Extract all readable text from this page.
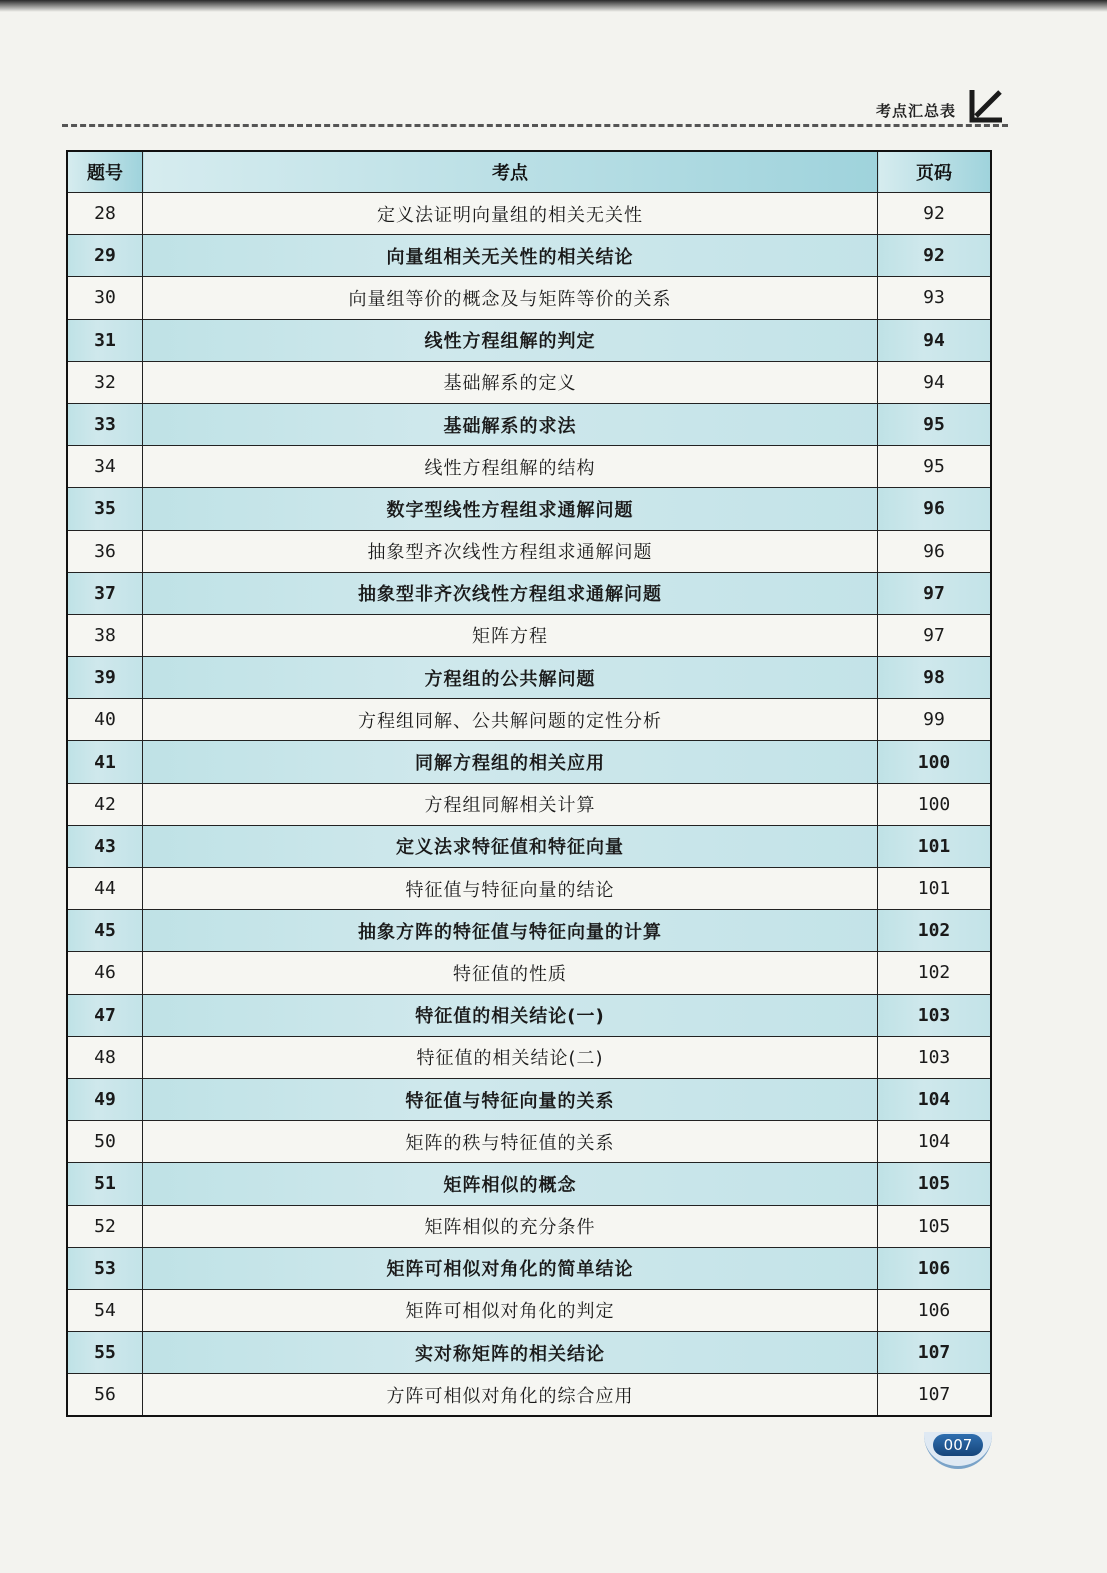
考点汇总表
题号	考点	页码
28	定义法证明向量组的相关无关性	92
29	向量组相关无关性的相关结论	92
30	向量组等价的概念及与矩阵等价的关系	93
31	线性方程组解的判定	94
32	基础解系的定义	94
33	基础解系的求法	95
34	线性方程组解的结构	95
35	数字型线性方程组求通解问题	96
36	抽象型齐次线性方程组求通解问题	96
37	抽象型非齐次线性方程组求通解问题	97
38	矩阵方程	97
39	方程组的公共解问题	98
40	方程组同解、公共解问题的定性分析	99
41	同解方程组的相关应用	100
42	方程组同解相关计算	100
43	定义法求特征值和特征向量	101
44	特征值与特征向量的结论	101
45	抽象方阵的特征值与特征向量的计算	102
46	特征值的性质	102
47	特征值的相关结论(一)	103
48	特征值的相关结论(二)	103
49	特征值与特征向量的关系	104
50	矩阵的秩与特征值的关系	104
51	矩阵相似的概念	105
52	矩阵相似的充分条件	105
53	矩阵可相似对角化的简单结论	106
54	矩阵可相似对角化的判定	106
55	实对称矩阵的相关结论	107
56	方阵可相似对角化的综合应用	107
007
